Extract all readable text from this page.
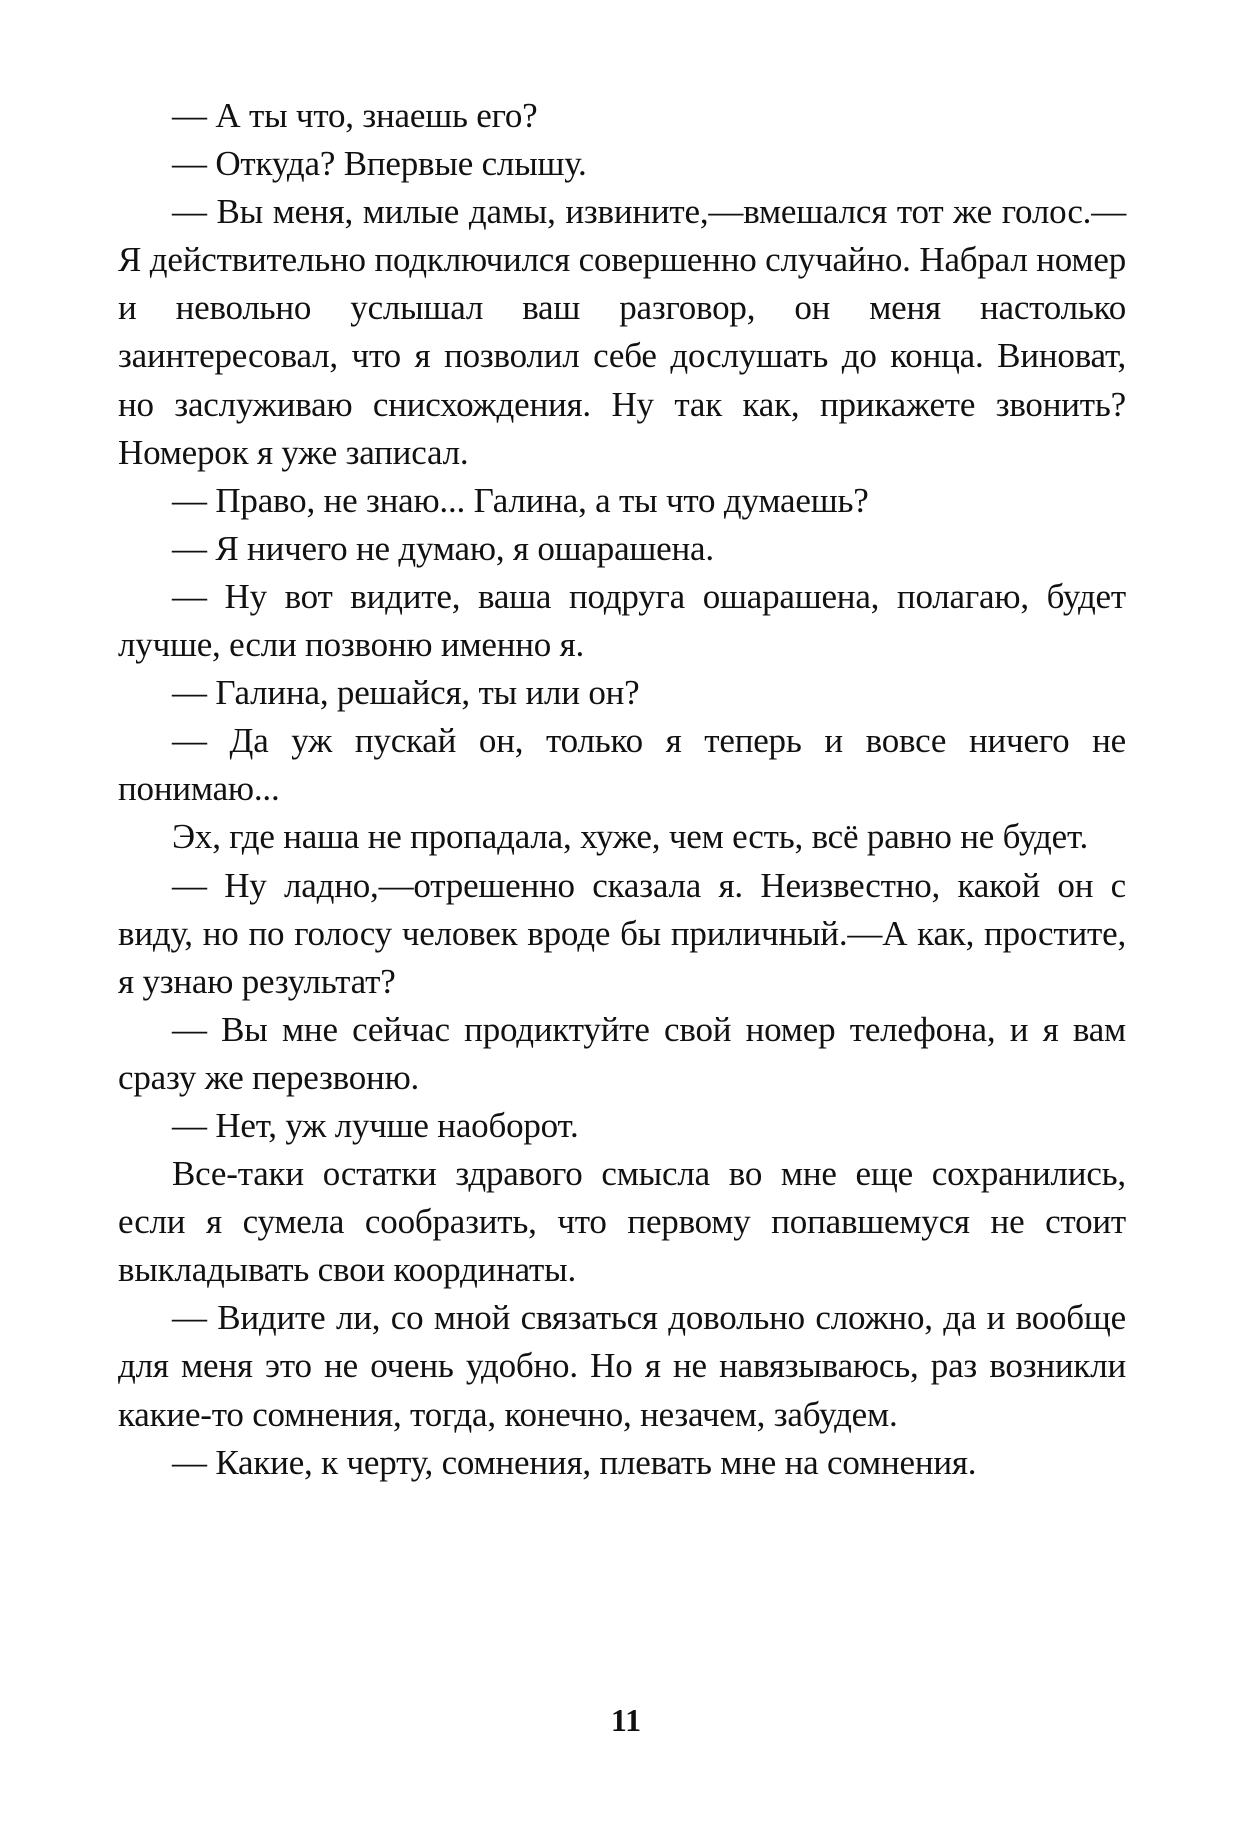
— А ты что, знаешь его?

— Откуда? Впервые слышу.

— Вы меня, милые дамы, извините,—вмешался тот же голос.—Я действительно подключился совершенно случайно. Набрал номер и невольно услышал ваш разговор, он меня настолько заинтересовал, что я позволил себе дослушать до конца. Виноват, но заслуживаю снисхождения. Ну так как, прикажете звонить? Номерок я уже записал.

— Право, не знаю... Галина, а ты что думаешь?

— Я ничего не думаю, я ошарашена.

— Ну вот видите, ваша подруга ошарашена, полагаю, будет лучше, если позвоню именно я.

— Галина, решайся, ты или он?

— Да уж пускай он, только я теперь и вовсе ничего не понимаю...

Эх, где наша не пропадала, хуже, чем есть, всё равно не будет.

— Ну ладно,—отрешенно сказала я. Неизвестно, какой он с виду, но по голосу человек вроде бы приличный.—А как, простите, я узнаю результат?

— Вы мне сейчас продиктуйте свой номер телефона, и я вам сразу же перезвоню.

— Нет, уж лучше наоборот.

Все-таки остатки здравого смысла во мне еще сохранились, если я сумела сообразить, что первому попавшемуся не стоит выкладывать свои координаты.

— Видите ли, со мной связаться довольно сложно, да и вообще для меня это не очень удобно. Но я не навязываюсь, раз возникли какие-то сомнения, тогда, конечно, незачем, забудем.

— Какие, к черту, сомнения, плевать мне на сомнения.

11
